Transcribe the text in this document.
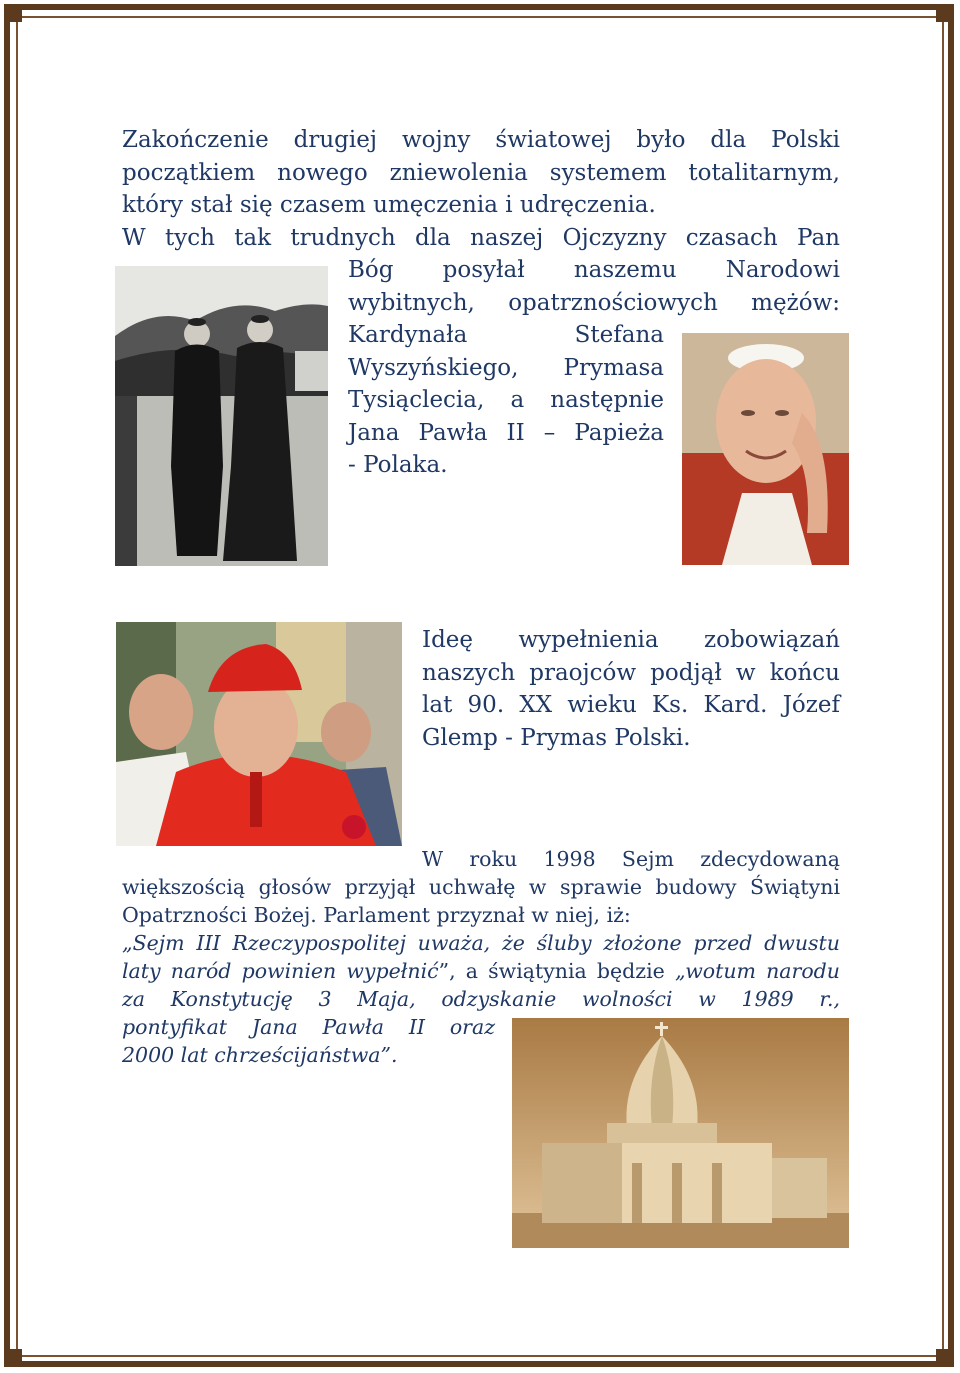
Zakończenie drugiej wojny światowej było dla Polski
początkiem nowego zniewolenia systemem totalitarnym,
który stał się czasem umęczenia i udręczenia.
W tych tak trudnych dla naszej Ojczyzny czasach Pan
Bóg posyłał naszemu Narodowi
wybitnych, opatrznościowych mężów:
Kardynała Stefana
Wyszyńskiego, Prymasa
Tysiąclecia, a następnie
Jana Pawła II – Papieża
- Polaka.
Ideę wypełnienia zobowiązań
naszych praojców podjął w końcu
lat 90. XX wieku Ks. Kard. Józef
Glemp - Prymas Polski.
W roku 1998 Sejm zdecydowaną
większością głosów przyjął uchwałę w sprawie budowy Świątyni
Opatrzności Bożej. Parlament przyznał w niej, iż:
„Sejm III Rzeczypospolitej uważa, że śluby złożone przed dwustu
laty naród powinien wypełnić”, a świątynia będzie „wotum narodu
za Konstytucję 3 Maja, odzyskanie wolności w 1989 r.,
pontyfikat Jana Pawła II oraz
2000 lat chrześcijaństwa”.
